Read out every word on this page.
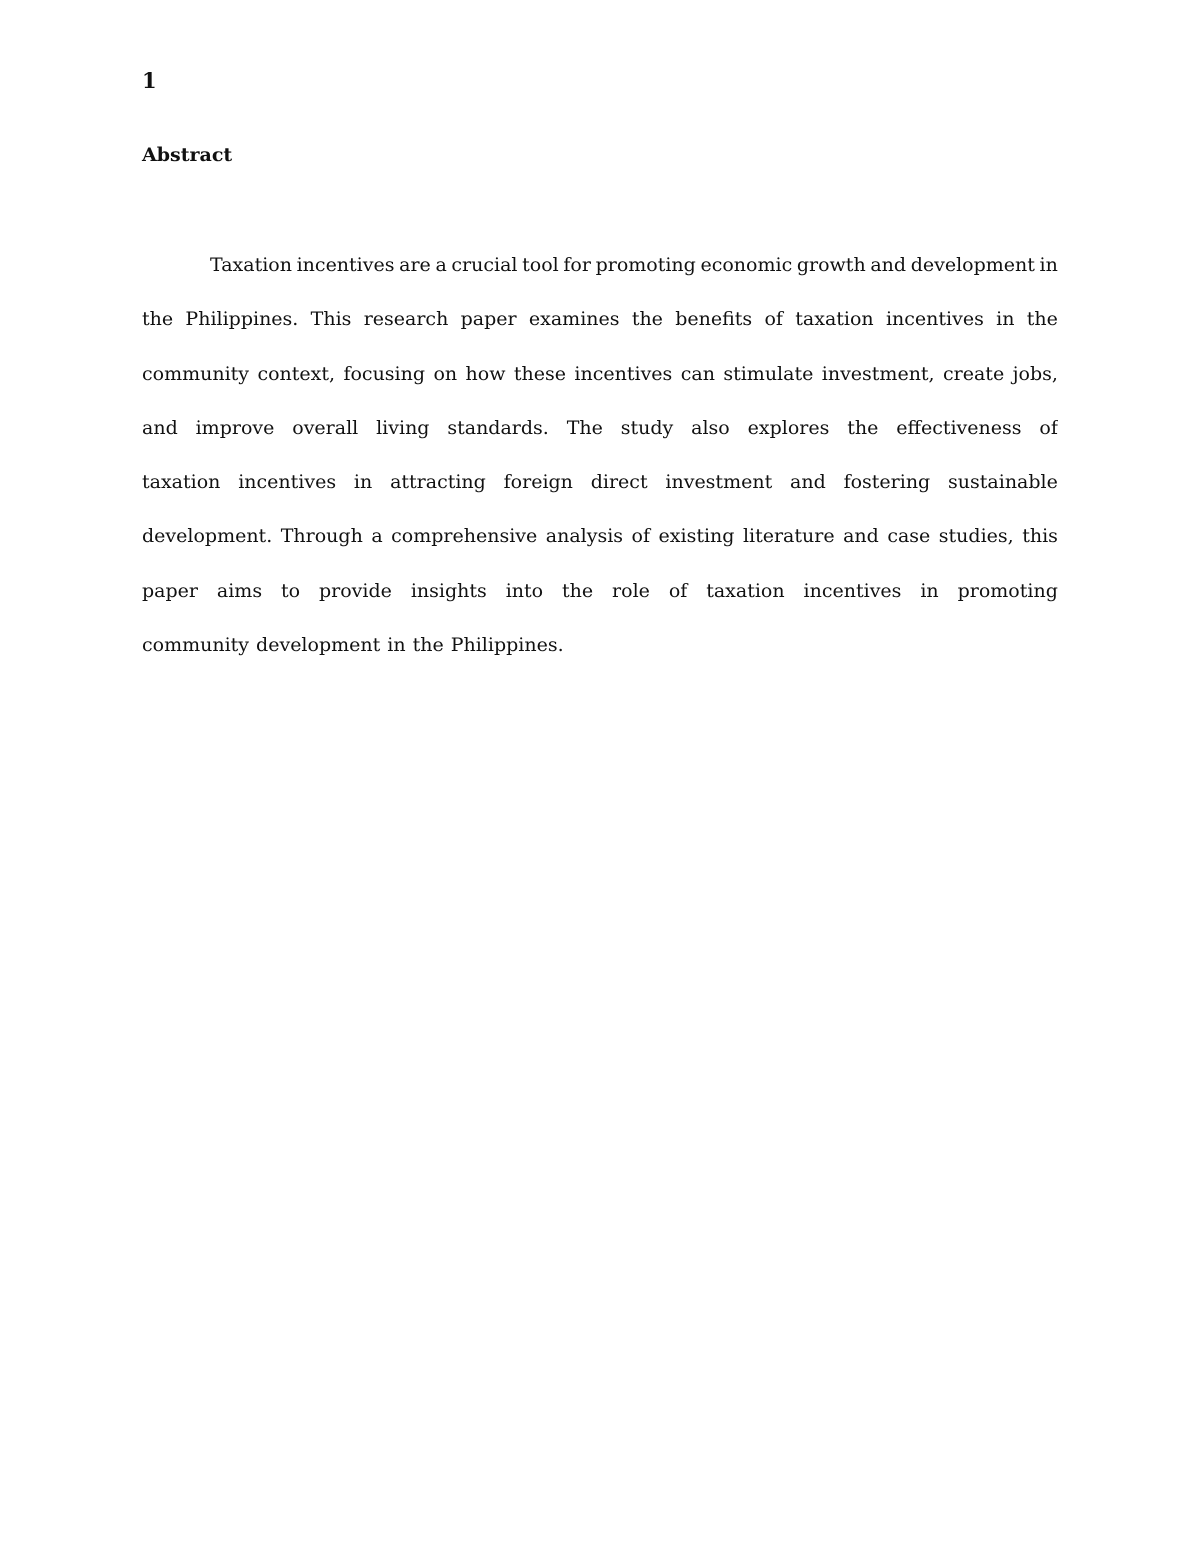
1
Abstract
Taxation incentives are a crucial tool for promoting economic growth and development in
the Philippines. This research paper examines the benefits of taxation incentives in the
community context, focusing on how these incentives can stimulate investment, create jobs,
and improve overall living standards. The study also explores the effectiveness of
taxation incentives in attracting foreign direct investment and fostering sustainable
development. Through a comprehensive analysis of existing literature and case studies, this
paper aims to provide insights into the role of taxation incentives in promoting
community development in the Philippines.
